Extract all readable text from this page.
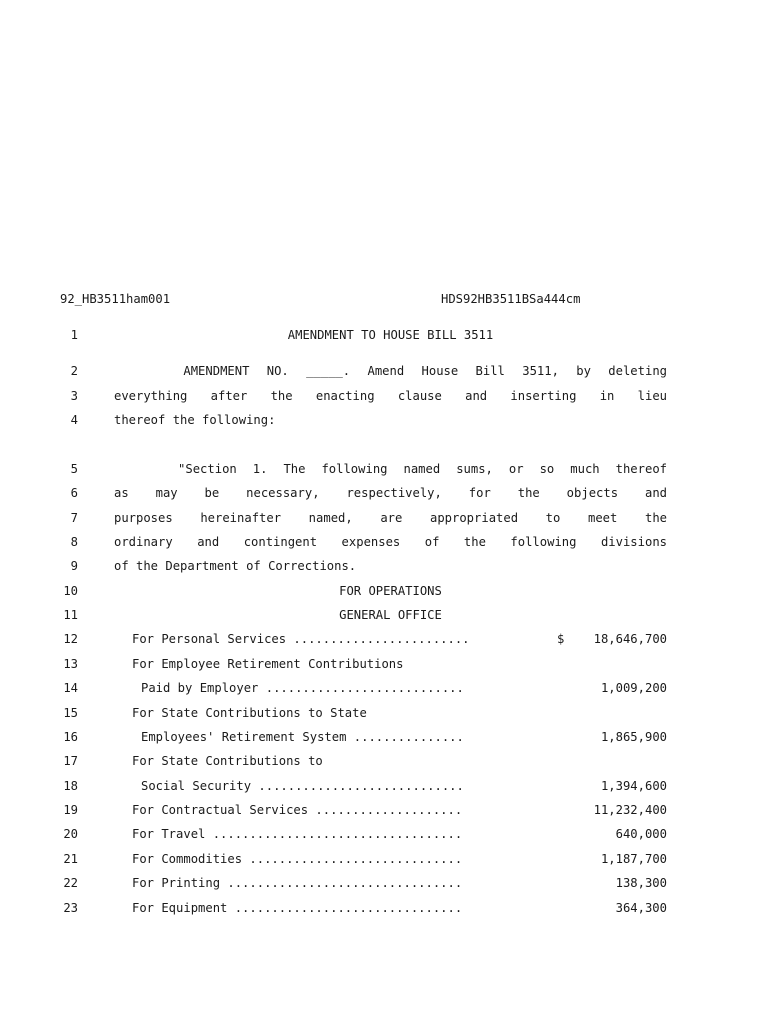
92_HB3511ham001	HDS92HB3511BSa444cm
1	AMENDMENT TO HOUSE BILL 3511
2	AMENDMENT NO. _____. Amend House Bill 3511, by deleting
3	everything after the enacting clause and inserting in lieu
4	thereof the following:
5	"Section 1. The following named sums, or so much thereof
6	as may be necessary, respectively, for the objects and
7	purposes hereinafter named, are appropriated to meet the
8	ordinary and contingent expenses of the following divisions
9	of the Department of Corrections.
10	FOR OPERATIONS
11	GENERAL OFFICE
12	For Personal Services ........................	$ 18,646,700
13	For Employee Retirement Contributions
14	Paid by Employer ...........................	1,009,200
15	For State Contributions to State
16	Employees' Retirement System ...............	1,865,900
17	For State Contributions to
18	Social Security ............................	1,394,600
19	For Contractual Services ....................	11,232,400
20	For Travel ..................................	640,000
21	For Commodities .............................	1,187,700
22	For Printing ................................	138,300
23	For Equipment ...............................	364,300
